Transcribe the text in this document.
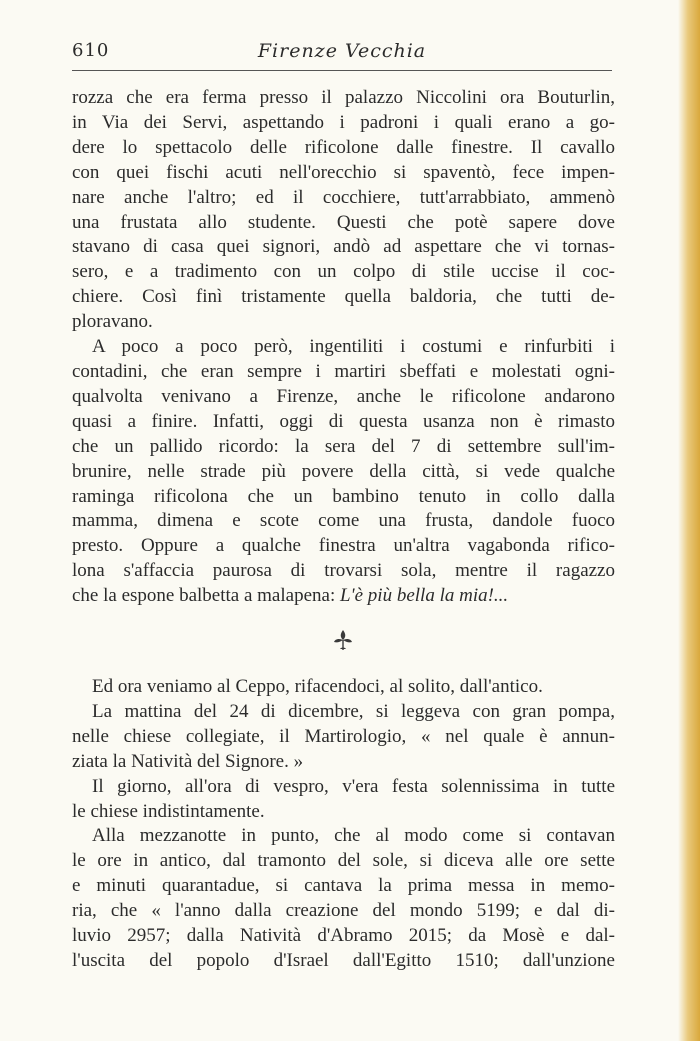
610	Firenze Vecchia

rozza che era ferma presso il palazzo Niccolini ora Bouturlin,
in Via dei Servi, aspettando i padroni i quali erano a go-
dere lo spettacolo delle rificolone dalle finestre. Il cavallo
con quei fischi acuti nell'orecchio si spaventò, fece impen-
nare anche l'altro; ed il cocchiere, tutt'arrabbiato, ammenò
una frustata allo studente. Questi che potè sapere dove
stavano di casa quei signori, andò ad aspettare che vi tornas-
sero, e a tradimento con un colpo di stile uccise il coc-
chiere. Così finì tristamente quella baldoria, che tutti de-
ploravano.

A poco a poco però, ingentiliti i costumi e rinfurbiti i
contadini, che eran sempre i martiri sbeffati e molestati ogni-
qualvolta venivano a Firenze, anche le rificolone andarono
quasi a finire. Infatti, oggi di questa usanza non è rimasto
che un pallido ricordo: la sera del 7 di settembre sull'im-
brunire, nelle strade più povere della città, si vede qualche
raminga rificolona che un bambino tenuto in collo dalla
mamma, dimena e scote come una frusta, dandole fuoco
presto. Oppure a qualche finestra un'altra vagabonda rifico-
lona s'affaccia paurosa di trovarsi sola, mentre il ragazzo
che la espone balbetta a malapena: L'è più bella la mia!...

Ed ora veniamo al Ceppo, rifacendoci, al solito, dall'antico.

La mattina del 24 di dicembre, si leggeva con gran pompa,
nelle chiese collegiate, il Martirologio, « nel quale è annun-
ziata la Natività del Signore. »

Il giorno, all'ora di vespro, v'era festa solennissima in tutte
le chiese indistintamente.

Alla mezzanotte in punto, che al modo come si contavan
le ore in antico, dal tramonto del sole, si diceva alle ore sette
e minuti quarantadue, si cantava la prima messa in memo-
ria, che « l'anno dalla creazione del mondo 5199; e dal di-
luvio 2957; dalla Natività d'Abramo 2015; da Mosè e dal-
l'uscita del popolo d'Israel dall'Egitto 1510; dall'unzione
